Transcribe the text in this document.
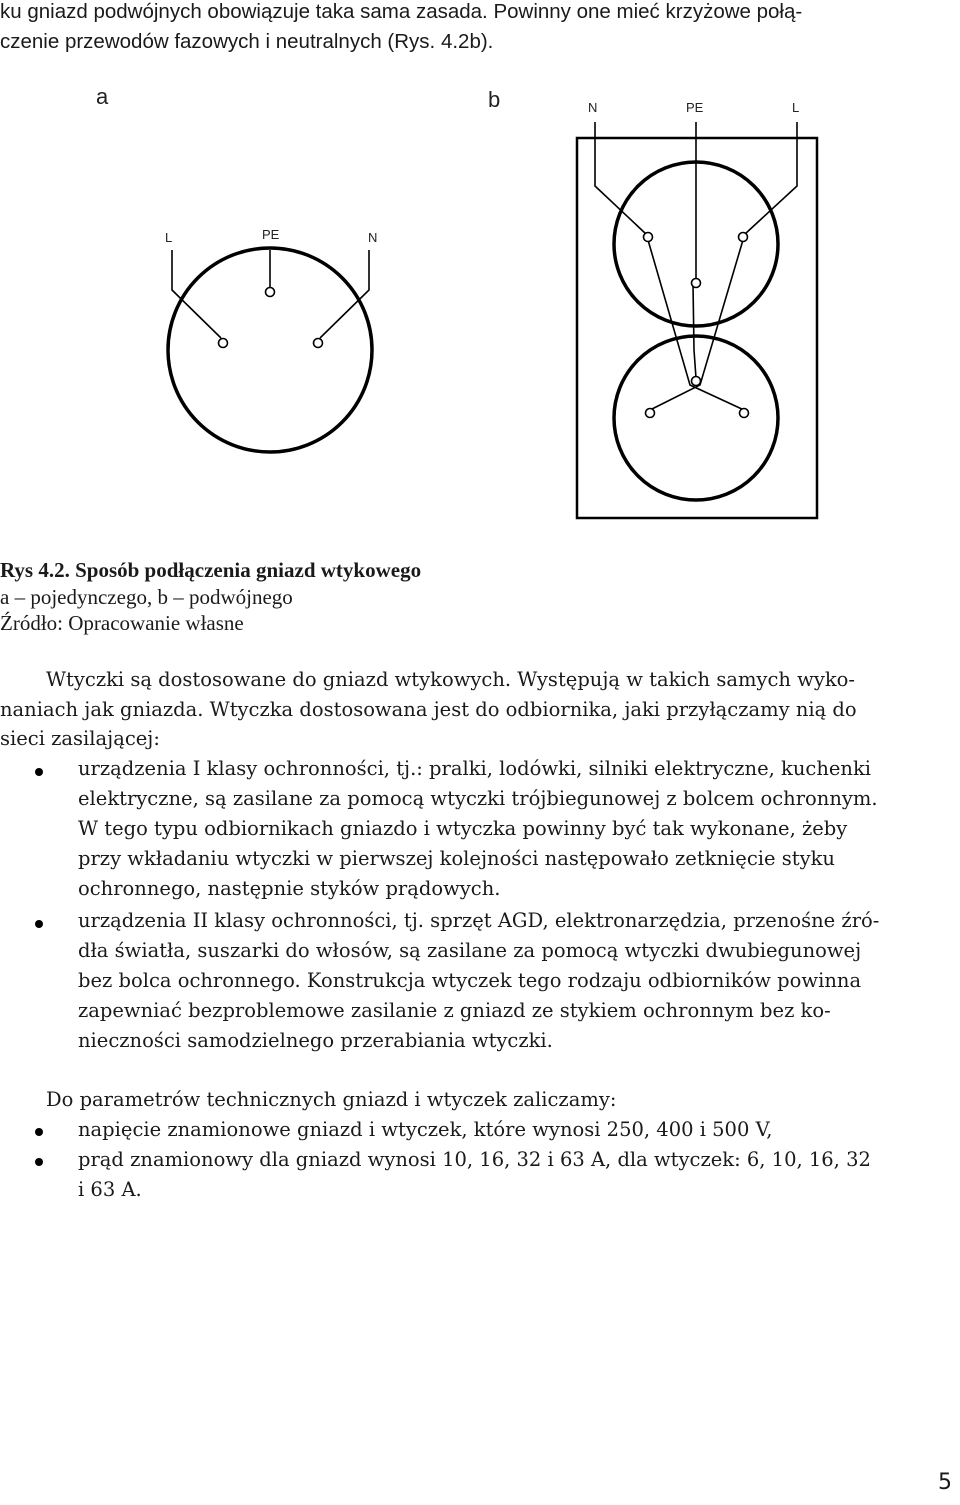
ku gniazd podwójnych obowiązuje taka sama zasada. Powinny one mieć krzyżowe połą-
czenie przewodów fazowych i neutralnych (Rys. 4.2b).
a	b
L	PE	N
N	PE	L
Rys 4.2. Sposób podłączenia gniazd wtykowego
a – pojedynczego, b – podwójnego
Źródło: Opracowanie własne
Wtyczki są dostosowane do gniazd wtykowych. Występują w takich samych wyko-
naniach jak gniazda. Wtyczka dostosowana jest do odbiornika, jaki przyłączamy nią do
sieci zasilającej:
urządzenia I klasy ochronności, tj.: pralki, lodówki, silniki elektryczne, kuchenki
elektryczne, są zasilane za pomocą wtyczki trójbiegunowej z bolcem ochronnym.
W tego typu odbiornikach gniazdo i wtyczka powinny być tak wykonane, żeby
przy wkładaniu wtyczki w pierwszej kolejności następowało zetknięcie styku
ochronnego, następnie styków prądowych.
urządzenia II klasy ochronności, tj. sprzęt AGD, elektronarzędzia, przenośne źró-
dła światła, suszarki do włosów, są zasilane za pomocą wtyczki dwubiegunowej
bez bolca ochronnego. Konstrukcja wtyczek tego rodzaju odbiorników powinna
zapewniać bezproblemowe zasilanie z gniazd ze stykiem ochronnym bez ko-
nieczności samodzielnego przerabiania wtyczki.
Do parametrów technicznych gniazd i wtyczek zaliczamy:
napięcie znamionowe gniazd i wtyczek, które wynosi 250, 400 i 500 V,
prąd znamionowy dla gniazd wynosi 10, 16, 32 i 63 A, dla wtyczek: 6, 10, 16, 32
i 63 A.
5
